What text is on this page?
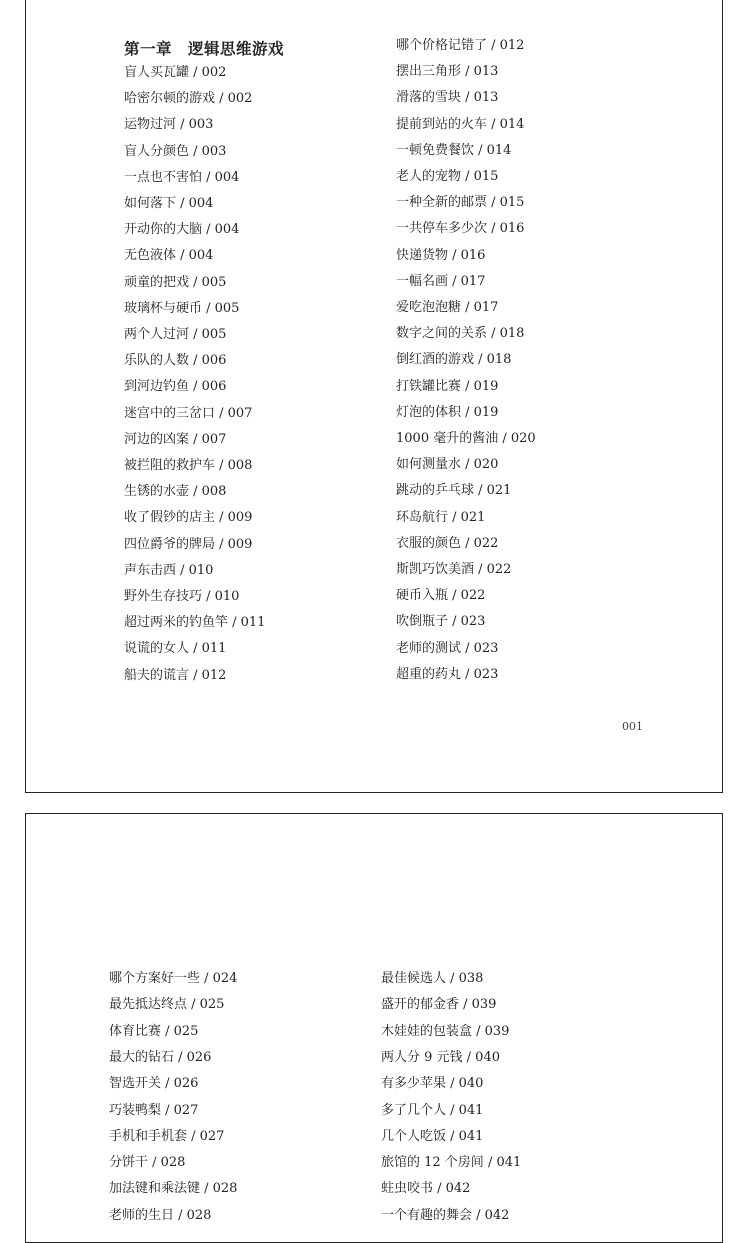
第一章　逻辑思维游戏
盲人买瓦罐 / 002
哈密尔顿的游戏 / 002
运物过河 / 003
盲人分颜色 / 003
一点也不害怕 / 004
如何落下 / 004
开动你的大脑 / 004
无色液体 / 004
顽童的把戏 / 005
玻璃杯与硬币 / 005
两个人过河 / 005
乐队的人数 / 006
到河边钓鱼 / 006
迷宫中的三岔口 / 007
河边的凶案 / 007
被拦阻的救护车 / 008
生锈的水壶 / 008
收了假钞的店主 / 009
四位爵爷的牌局 / 009
声东击西 / 010
野外生存技巧 / 010
超过两米的钓鱼竿 / 011
说谎的女人 / 011
船夫的谎言 / 012
哪个价格记错了 / 012
摆出三角形 / 013
滑落的雪块 / 013
提前到站的火车 / 014
一顿免费餐饮 / 014
老人的宠物 / 015
一种全新的邮票 / 015
一共停车多少次 / 016
快递货物 / 016
一幅名画 / 017
爱吃泡泡糖 / 017
数字之间的关系 / 018
倒红酒的游戏 / 018
打铁罐比赛 / 019
灯泡的体积 / 019
1000 毫升的酱油 / 020
如何测量水 / 020
跳动的乒乓球 / 021
环岛航行 / 021
衣服的颜色 / 022
斯凯巧饮美酒 / 022
硬币入瓶 / 022
吹倒瓶子 / 023
老师的测试 / 023
超重的药丸 / 023
001
哪个方案好一些 / 024
最先抵达终点 / 025
体育比赛 / 025
最大的钻石 / 026
智选开关 / 026
巧装鸭梨 / 027
手机和手机套 / 027
分饼干 / 028
加法键和乘法键 / 028
老师的生日 / 028
最佳候选人 / 038
盛开的郁金香 / 039
木娃娃的包装盒 / 039
两人分 9 元钱 / 040
有多少苹果 / 040
多了几个人 / 041
几个人吃饭 / 041
旅馆的 12 个房间 / 041
蛀虫咬书 / 042
一个有趣的舞会 / 042
